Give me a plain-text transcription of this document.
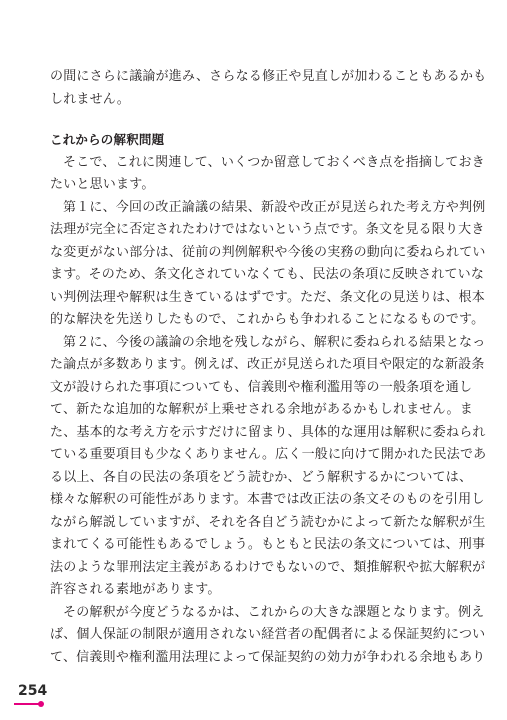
の間にさらに議論が進み、さらなる修正や見直しが加わることもあるかも
しれません。
これからの解釈問題
そこで、これに関連して、いくつか留意しておくべき点を指摘しておき
たいと思います。
第１に、今回の改正論議の結果、新設や改正が見送られた考え方や判例
法理が完全に否定されたわけではないという点です。条文を見る限り大き
な変更がない部分は、従前の判例解釈や今後の実務の動向に委ねられてい
ます。そのため、条文化されていなくても、民法の条項に反映されていな
い判例法理や解釈は生きているはずです。ただ、条文化の見送りは、根本
的な解決を先送りしたもので、これからも争われることになるものです。
第２に、今後の議論の余地を残しながら、解釈に委ねられる結果となっ
た論点が多数あります。例えば、改正が見送られた項目や限定的な新設条
文が設けられた事項についても、信義則や権利濫用等の一般条項を通し
て、新たな追加的な解釈が上乗せされる余地があるかもしれません。ま
た、基本的な考え方を示すだけに留まり、具体的な運用は解釈に委ねられ
ている重要項目も少なくありません。広く一般に向けて開かれた民法であ
る以上、各自の民法の条項をどう読むか、どう解釈するかについては、
様々な解釈の可能性があります。本書では改正法の条文そのものを引用し
ながら解説していますが、それを各自どう読むかによって新たな解釈が生
まれてくる可能性もあるでしょう。もともと民法の条文については、刑事
法のような罪刑法定主義があるわけでもないので、類推解釈や拡大解釈が
許容される素地があります。
その解釈が今度どうなるかは、これからの大きな課題となります。例え
ば、個人保証の制限が適用されない経営者の配偶者による保証契約につい
て、信義則や権利濫用法理によって保証契約の効力が争われる余地もあり
254
